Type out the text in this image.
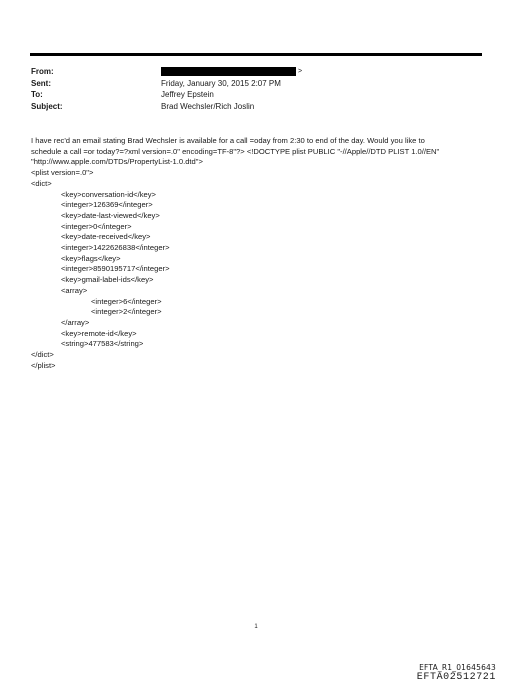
From:	>
Sent:	Friday, January 30, 2015 2:07 PM
To:	Jeffrey Epstein
Subject:	Brad Wechsler/Rich Joslin
I have rec'd an email stating Brad Wechsler is available for a call =oday from 2:30 to end of the day. Would you like to
schedule a call =or today?=?xml version=.0" encoding=TF-8"?> <!DOCTYPE plist PUBLIC "-//Apple//DTD PLIST 1.0//EN"
"http://www.apple.com/DTDs/PropertyList-1.0.dtd">
<plist version=.0">
<dict>
<key>conversation-id</key>
<integer>126369</integer>
<key>date-last-viewed</key>
<integer>0</integer>
<key>date-received</key>
<integer>1422626838</integer>
<key>flags</key>
<integer>8590195717</integer>
<key>gmail-label-ids</key>
<array>
<integer>6</integer>
<integer>2</integer>
</array>
<key>remote-id</key>
<string>477583</string>
</dict>
</plist>
1
EFTA_R1_01645643
EFTA02512721
